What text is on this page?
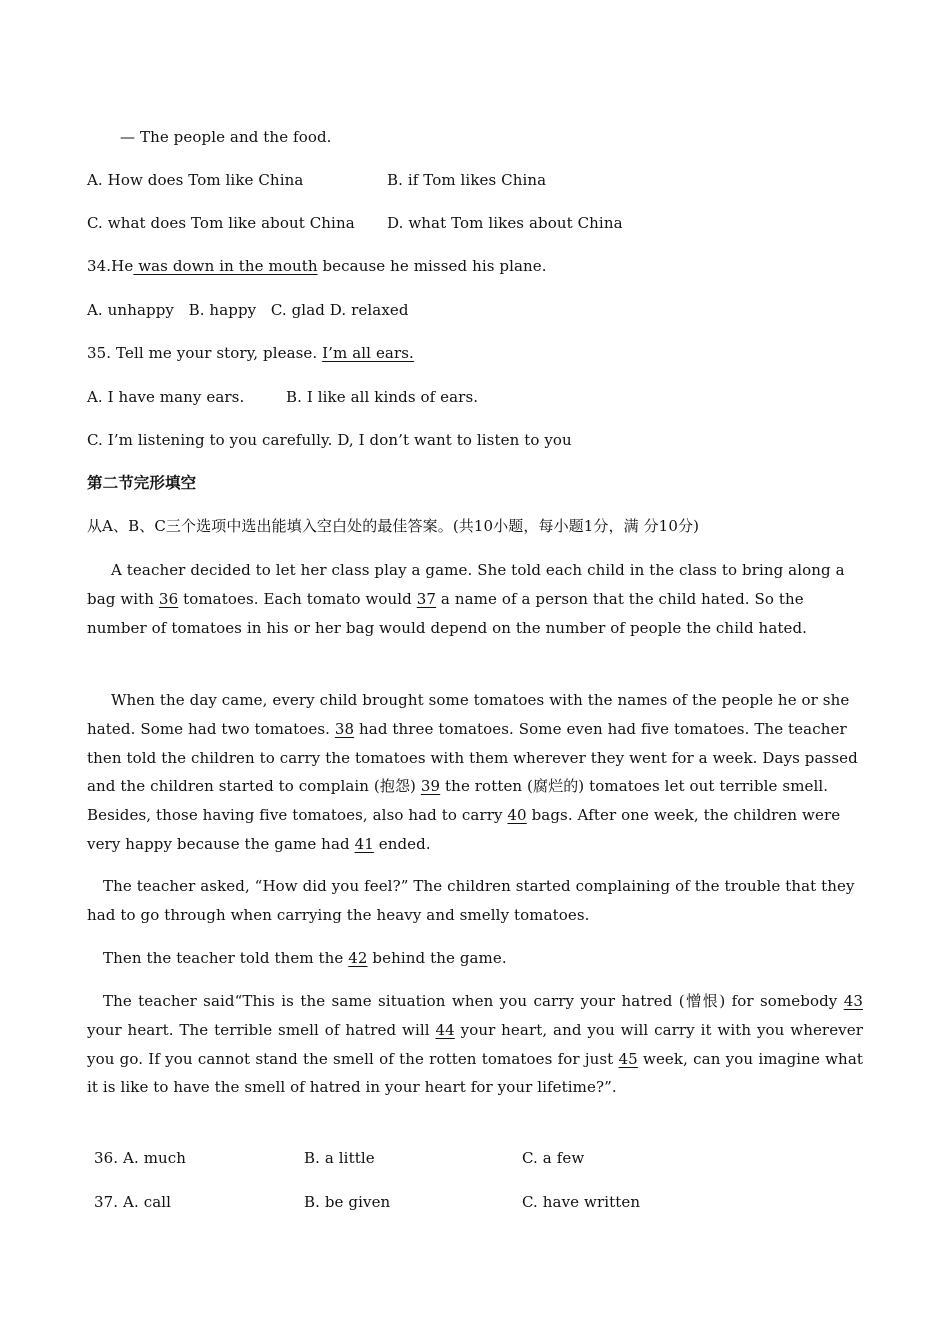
— The people and the food.
A. How does Tom like China	B. if Tom likes China
C. what does Tom like about China D. what Tom likes about China
34.He was down in the mouth because he missed his plane.
A. unhappy   B. happy   C. glad D. relaxed
35. Tell me your story, please. I’m all ears.
A. I have many ears.	B. I like all kinds of ears.
C. I’m listening to you carefully. D, I don’t want to listen to you
第二节完形填空
从A、B、C三个选项中选出能填入空白处的最佳答案。(共10小题，每小题1分，满 分10分)
A teacher decided to let her class play a game. She told each child in the class to bring along a bag with 36 tomatoes. Each tomato would 37 a name of a person that the child hated. So the number of tomatoes in his or her bag would depend on the number of people the child hated.
When the day came, every child brought some tomatoes with the names of the people he or she hated. Some had two tomatoes. 38 had three tomatoes. Some even had five tomatoes. The teacher then told the children to carry the tomatoes with them wherever they went for a week. Days passed and the children started to complain (抱怨) 39 the rotten (腐烂的) tomatoes let out terrible smell. Besides, those having five tomatoes, also had to carry 40 bags. After one week, the children were very happy because the game had 41 ended.
The teacher asked, “How did you feel?” The children started complaining of the trouble that they had to go through when carrying the heavy and smelly tomatoes.
Then the teacher told them the 42 behind the game.
The teacher said“This is the same situation when you carry your hatred (憎恨) for somebody 43 your heart. The terrible smell of hatred will 44 your heart, and you will carry it with you wherever you go. If you cannot stand the smell of the rotten tomatoes for just 45 week, can you imagine what it is like to have the smell of hatred in your heart for your lifetime?”.
36. A. much	B. a little	C. a few
37. A. call	B. be given	C. have written
